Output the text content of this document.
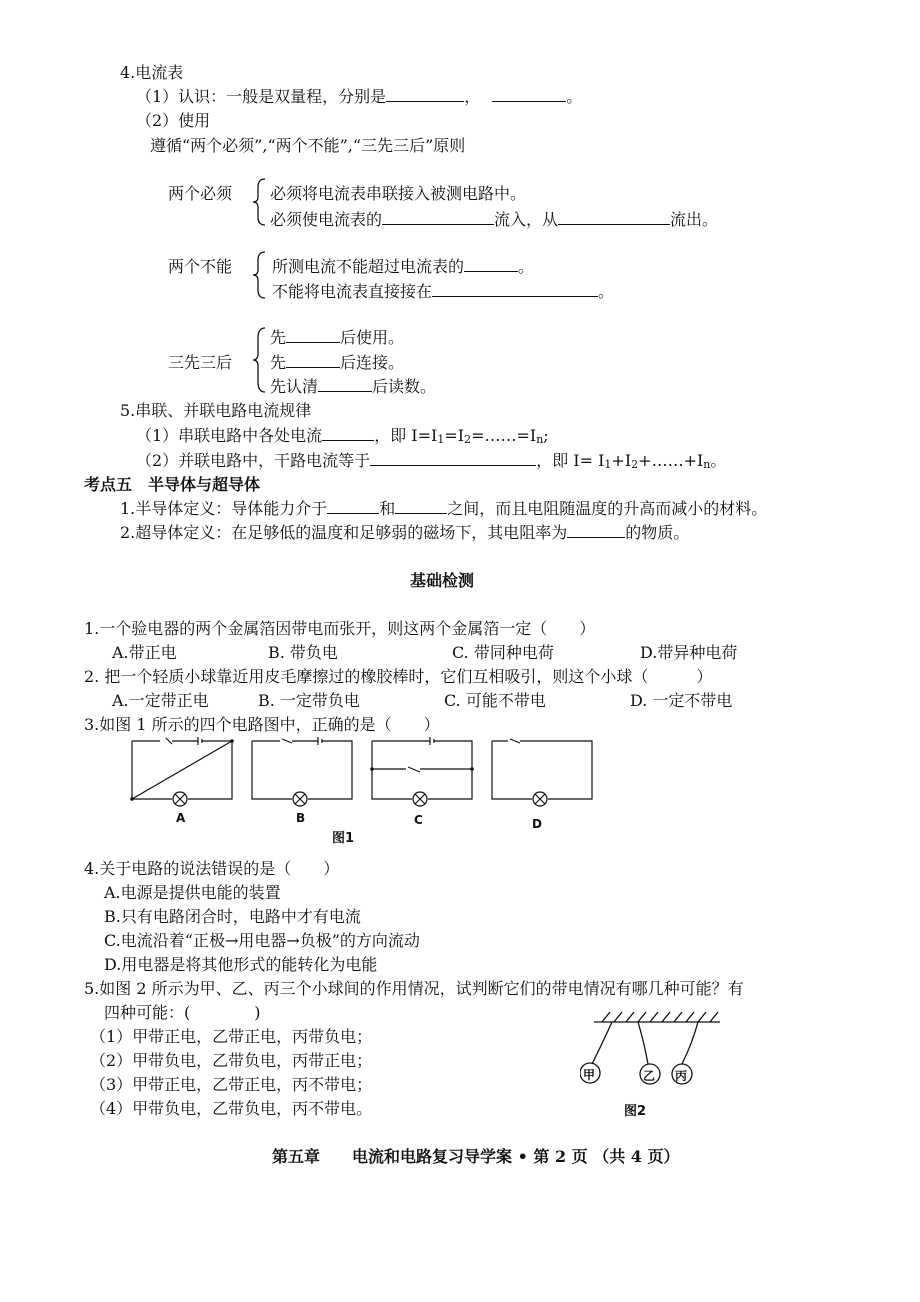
4.电流表
（1）认识：一般是双量程，分别是	，	。
（2）使用
遵循“两个必须”,“两个不能”,“三先三后”原则
两个必须 必须将电流表串联接入被测电路中。
必须使电流表的	流入，从	流出。
两个不能 所测电流不能超过电流表的	。
不能将电流表直接接在	。
三先三后
先	后使用。
先	后连接。
先认清	后读数。
5.串联、并联电路电流规律
（1）串联电路中各处电流	，即 $I=I_1=I_2=\dots\dots=I_n$;
（2）并联电路中，干路电流等于	，即 $I= I_1+I_2+\dots\dots+I_n$。
考点五　半导体与超导体
1.半导体定义：导体能力介于	和	之间，而且电阻随温度的升高而减小的材料。
2.超导体定义：在足够低的温度和足够弱的磁场下，其电阻率为	的物质。
基础检测
1.一个验电器的两个金属箔因带电而张开，则这两个金属箔一定（　　）
A.带正电	B. 带负电	C. 带同种电荷	D.带异种电荷
2. 把一个轻质小球靠近用皮毛摩擦过的橡胶棒时，它们互相吸引，则这个小球（　　　）
A.一定带正电	B. 一定带负电	C. 可能不带电	D. 一定不带电
3.如图 1 所示的四个电路图中，正确的是（　　）
A	B	C	D
图1
4.关于电路的说法错误的是（　　）
A.电源是提供电能的装置
B.只有电路闭合时，电路中才有电流
C.电流沿着“正极→用电器→负极”的方向流动
D.用电器是将其他形式的能转化为电能
5.如图 2 所示为甲、乙、丙三个小球间的作用情况，试判断它们的带电情况有哪几种可能？有
四种可能：(　　　　)
（1）甲带正电，乙带正电，丙带负电；
（2）甲带负电，乙带负电，丙带正电；
（3）甲带正电，乙带正电，丙不带电；
（4）甲带负电，乙带负电，丙不带电。
甲	乙 丙
图2
第五章　　电流和电路复习导学案 • 第 2 页 （共 4 页）
